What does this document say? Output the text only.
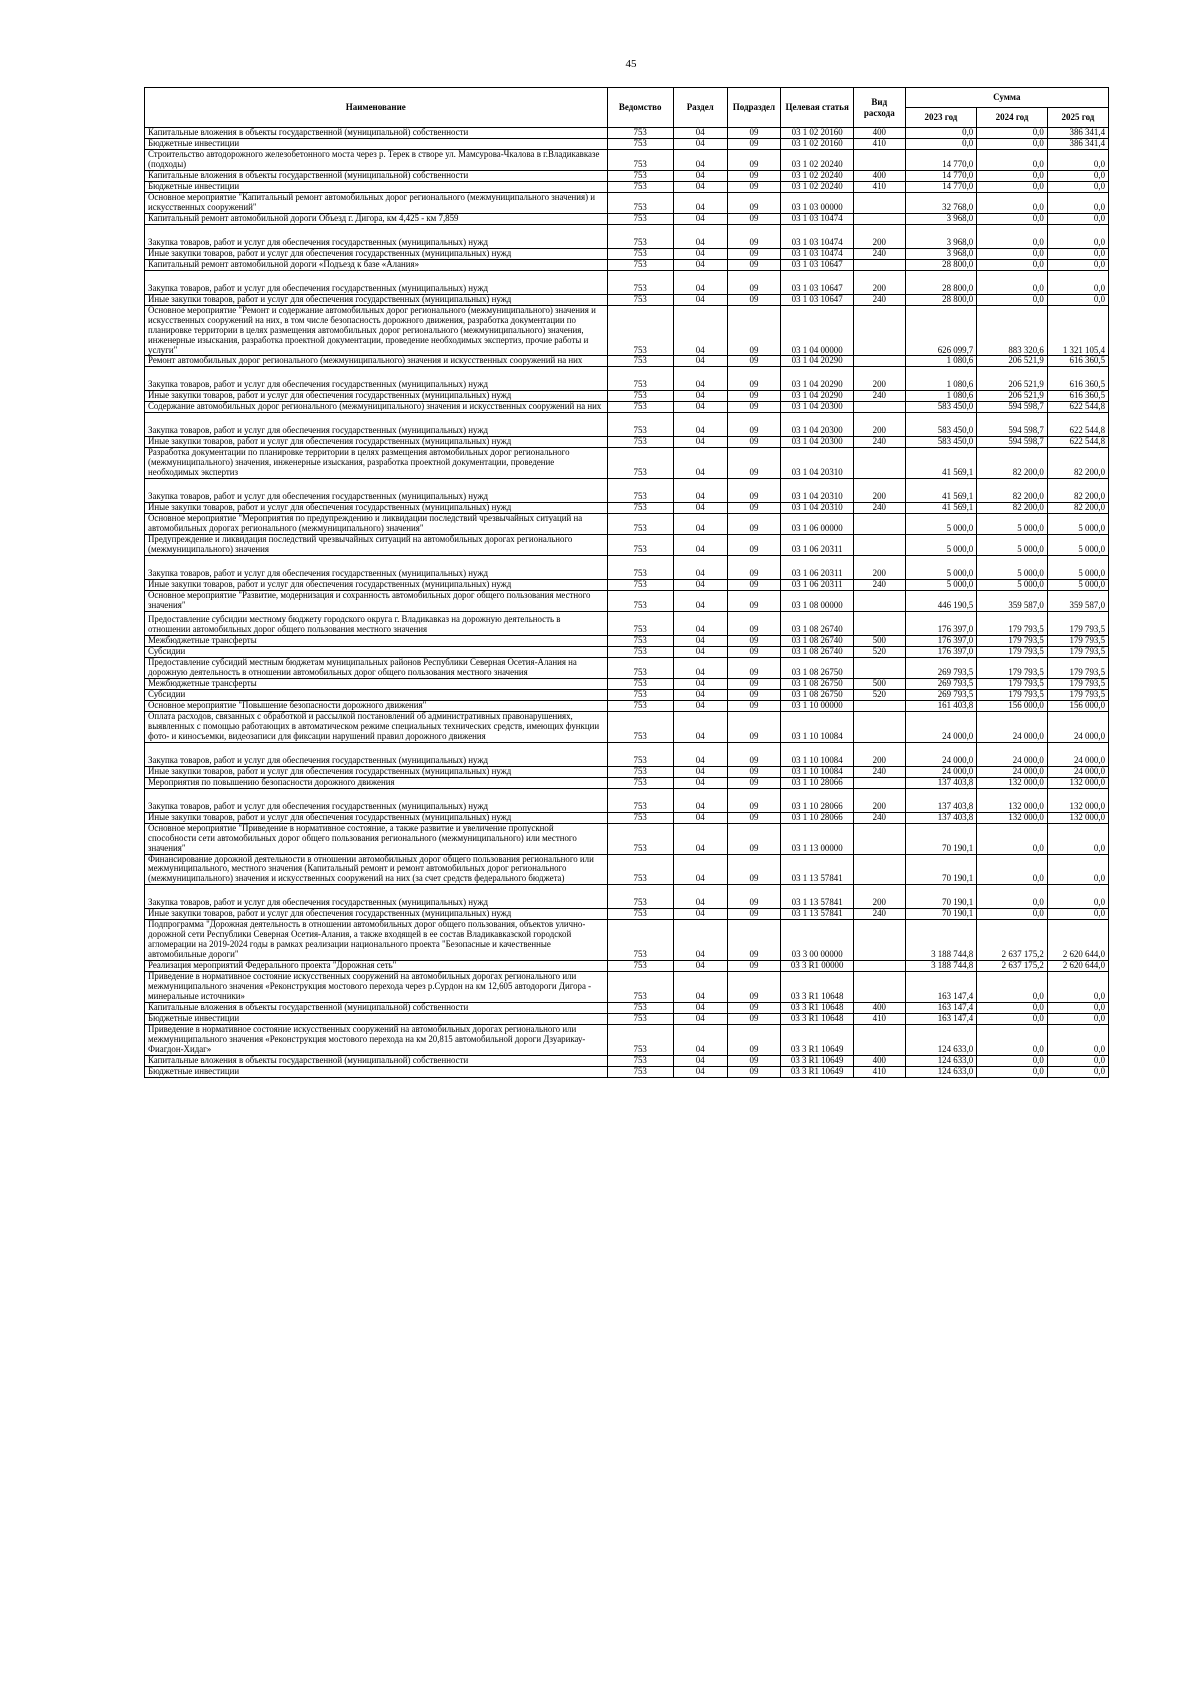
45
Наименование	Ведомство	Раздел	Подраздел	Целевая статья	Вид расхода	Сумма		
						2023 год	2024 год	2025 год
Капитальные вложения в объекты государственной (муниципальной) собственности	753	04	09	03 1 02 20160	400	0,0	0,0	386 341,4
Бюджетные инвестиции	753	04	09	03 1 02 20160	410	0,0	0,0	386 341,4
Строительство автодорожного железобетонного моста через р. Терек в створе ул. Мамсурова-Чкалова в г.Владикавказе (подходы)	753	04	09	03 1 02 20240		14 770,0	0,0	0,0
Капитальные вложения в объекты государственной (муниципальной) собственности	753	04	09	03 1 02 20240	400	14 770,0	0,0	0,0
Бюджетные инвестиции	753	04	09	03 1 02 20240	410	14 770,0	0,0	0,0
Основное мероприятие "Капитальный ремонт автомобильных дорог регионального (межмуниципального значения) и искусственных сооружений"	753	04	09	03 1 03 00000		32 768,0	0,0	0,0
Капитальный ремонт автомобильной дороги Объезд г. Дигора, км 4,425 - км 7,859	753	04	09	03 1 03 10474		3 968,0	0,0	0,0
Закупка товаров, работ и услуг для обеспечения государственных (муниципальных) нужд	753	04	09	03 1 03 10474	200	3 968,0	0,0	0,0
Иные закупки товаров, работ и услуг для обеспечения государственных (муниципальных) нужд	753	04	09	03 1 03 10474	240	3 968,0	0,0	0,0
Капитальный ремонт автомобильной дороги «Подъезд к базе «Алания»	753	04	09	03 1 03 10647		28 800,0	0,0	0,0
Закупка товаров, работ и услуг для обеспечения государственных (муниципальных) нужд	753	04	09	03 1 03 10647	200	28 800,0	0,0	0,0
Иные закупки товаров, работ и услуг для обеспечения государственных (муниципальных) нужд	753	04	09	03 1 03 10647	240	28 800,0	0,0	0,0
Основное мероприятие "Ремонт и содержание автомобильных дорог регионального (межмуниципального) значения и искусственных сооружений на них, в том числе безопасность дорожного движения, разработка документации по планировке территории в целях размещения автомобильных дорог регионального (межмуниципального) значения, инженерные изыскания, разработка проектной документации, проведение необходимых экспертиз, прочие работы и услуги"	753	04	09	03 1 04 00000		626 099,7	883 320,6	1 321 105,4
Ремонт автомобильных дорог регионального (межмуниципального) значения и искусственных сооружений на них	753	04	09	03 1 04 20290		1 080,6	206 521,9	616 360,5
Закупка товаров, работ и услуг для обеспечения государственных (муниципальных) нужд	753	04	09	03 1 04 20290	200	1 080,6	206 521,9	616 360,5
Иные закупки товаров, работ и услуг для обеспечения государственных (муниципальных) нужд	753	04	09	03 1 04 20290	240	1 080,6	206 521,9	616 360,5
Содержание автомобильных дорог регионального (межмуниципального) значения и искусственных сооружений на них	753	04	09	03 1 04 20300		583 450,0	594 598,7	622 544,8
Закупка товаров, работ и услуг для обеспечения государственных (муниципальных) нужд	753	04	09	03 1 04 20300	200	583 450,0	594 598,7	622 544,8
Иные закупки товаров, работ и услуг для обеспечения государственных (муниципальных) нужд	753	04	09	03 1 04 20300	240	583 450,0	594 598,7	622 544,8
Разработка документации по планировке территории в целях размещения автомобильных дорог регионального (межмуниципального) значения, инженерные изыскания, разработка проектной документации, проведение необходимых экспертиз	753	04	09	03 1 04 20310		41 569,1	82 200,0	82 200,0
Закупка товаров, работ и услуг для обеспечения государственных (муниципальных) нужд	753	04	09	03 1 04 20310	200	41 569,1	82 200,0	82 200,0
Иные закупки товаров, работ и услуг для обеспечения государственных (муниципальных) нужд	753	04	09	03 1 04 20310	240	41 569,1	82 200,0	82 200,0
Основное мероприятие "Мероприятия по предупреждению и ликвидации последствий чрезвычайных ситуаций на автомобильных дорогах регионального (межмуниципального) значения"	753	04	09	03 1 06 00000		5 000,0	5 000,0	5 000,0
Предупреждение и ликвидация последствий чрезвычайных ситуаций на автомобильных дорогах регионального (межмуниципального) значения	753	04	09	03 1 06 20311		5 000,0	5 000,0	5 000,0
Закупка товаров, работ и услуг для обеспечения государственных (муниципальных) нужд	753	04	09	03 1 06 20311	200	5 000,0	5 000,0	5 000,0
Иные закупки товаров, работ и услуг для обеспечения государственных (муниципальных) нужд	753	04	09	03 1 06 20311	240	5 000,0	5 000,0	5 000,0
Основное мероприятие "Развитие, модернизация и сохранность автомобильных дорог общего пользования местного значения"	753	04	09	03 1 08 00000		446 190,5	359 587,0	359 587,0
Предоставление субсидии местному бюджету городского округа г. Владикавказ на дорожную деятельность в отношении автомобильных дорог общего пользования местного значения	753	04	09	03 1 08 26740		176 397,0	179 793,5	179 793,5
Межбюджетные трансферты	753	04	09	03 1 08 26740	500	176 397,0	179 793,5	179 793,5
Субсидии	753	04	09	03 1 08 26740	520	176 397,0	179 793,5	179 793,5
Предоставление субсидий местным бюджетам муниципальных районов Республики Северная Осетия-Алания на дорожную деятельность в отношении автомобильных дорог общего пользования местного значения	753	04	09	03 1 08 26750		269 793,5	179 793,5	179 793,5
Межбюджетные трансферты	753	04	09	03 1 08 26750	500	269 793,5	179 793,5	179 793,5
Субсидии	753	04	09	03 1 08 26750	520	269 793,5	179 793,5	179 793,5
Основное мероприятие "Повышение безопасности дорожного движения"	753	04	09	03 1 10 00000		161 403,8	156 000,0	156 000,0
Оплата расходов, связанных с обработкой и рассылкой постановлений об административных правонарушениях, выявленных с помощью работающих в автоматическом режиме специальных технических средств, имеющих функции фото- и киносъемки, видеозаписи для фиксации нарушений правил дорожного движения	753	04	09	03 1 10 10084		24 000,0	24 000,0	24 000,0
Закупка товаров, работ и услуг для обеспечения государственных (муниципальных) нужд	753	04	09	03 1 10 10084	200	24 000,0	24 000,0	24 000,0
Иные закупки товаров, работ и услуг для обеспечения государственных (муниципальных) нужд	753	04	09	03 1 10 10084	240	24 000,0	24 000,0	24 000,0
Мероприятия по повышению безопасности дорожного движения	753	04	09	03 1 10 28066		137 403,8	132 000,0	132 000,0
Закупка товаров, работ и услуг для обеспечения государственных (муниципальных) нужд	753	04	09	03 1 10 28066	200	137 403,8	132 000,0	132 000,0
Иные закупки товаров, работ и услуг для обеспечения государственных (муниципальных) нужд	753	04	09	03 1 10 28066	240	137 403,8	132 000,0	132 000,0
Основное мероприятие "Приведение в нормативное состояние, а также развитие и увеличение пропускной способности сети автомобильных дорог общего пользования регионального (межмуниципального) или местного значения"	753	04	09	03 1 13 00000		70 190,1	0,0	0,0
Финансирование дорожной деятельности в отношении автомобильных дорог общего пользования регионального или межмуниципального, местного значения (Капитальный ремонт и ремонт автомобильных дорог регионального (межмуниципального) значения и искусственных сооружений на них (за счет средств федерального бюджета)	753	04	09	03 1 13 57841		70 190,1	0,0	0,0
Закупка товаров, работ и услуг для обеспечения государственных (муниципальных) нужд	753	04	09	03 1 13 57841	200	70 190,1	0,0	0,0
Иные закупки товаров, работ и услуг для обеспечения государственных (муниципальных) нужд	753	04	09	03 1 13 57841	240	70 190,1	0,0	0,0
Подпрограмма "Дорожная деятельность в отношении автомобильных дорог общего пользования, объектов улично-дорожной сети Республики Северная Осетия-Алания, а также входящей в ее состав Владикавказской городской агломерации на 2019-2024 годы в рамках реализации национального проекта "Безопасные и качественные автомобильные дороги"	753	04	09	03 3 00 00000		3 188 744,8	2 637 175,2	2 620 644,0
Реализация мероприятий Федерального проекта "Дорожная сеть"	753	04	09	03 3 R1 00000		3 188 744,8	2 637 175,2	2 620 644,0
Приведение в нормативное состояние искусственных сооружений на автомобильных дорогах регионального или межмуниципального значения «Реконструкция мостового перехода через р.Сурдон на км 12,605 автодороги Дигора - минеральные источники»	753	04	09	03 3 R1 10648		163 147,4	0,0	0,0
Капитальные вложения в объекты государственной (муниципальной) собственности	753	04	09	03 3 R1 10648	400	163 147,4	0,0	0,0
Бюджетные инвестиции	753	04	09	03 3 R1 10648	410	163 147,4	0,0	0,0
Приведение в нормативное состояние искусственных сооружений на автомобильных дорогах регионального или межмуниципального значения «Реконструкция мостового перехода на км 20,815 автомобильной дороги Дзуарикау-Фиагдон-Хидаг»	753	04	09	03 3 R1 10649		124 633,0	0,0	0,0
Капитальные вложения в объекты государственной (муниципальной) собственности	753	04	09	03 3 R1 10649	400	124 633,0	0,0	0,0
Бюджетные инвестиции	753	04	09	03 3 R1 10649	410	124 633,0	0,0	0,0
